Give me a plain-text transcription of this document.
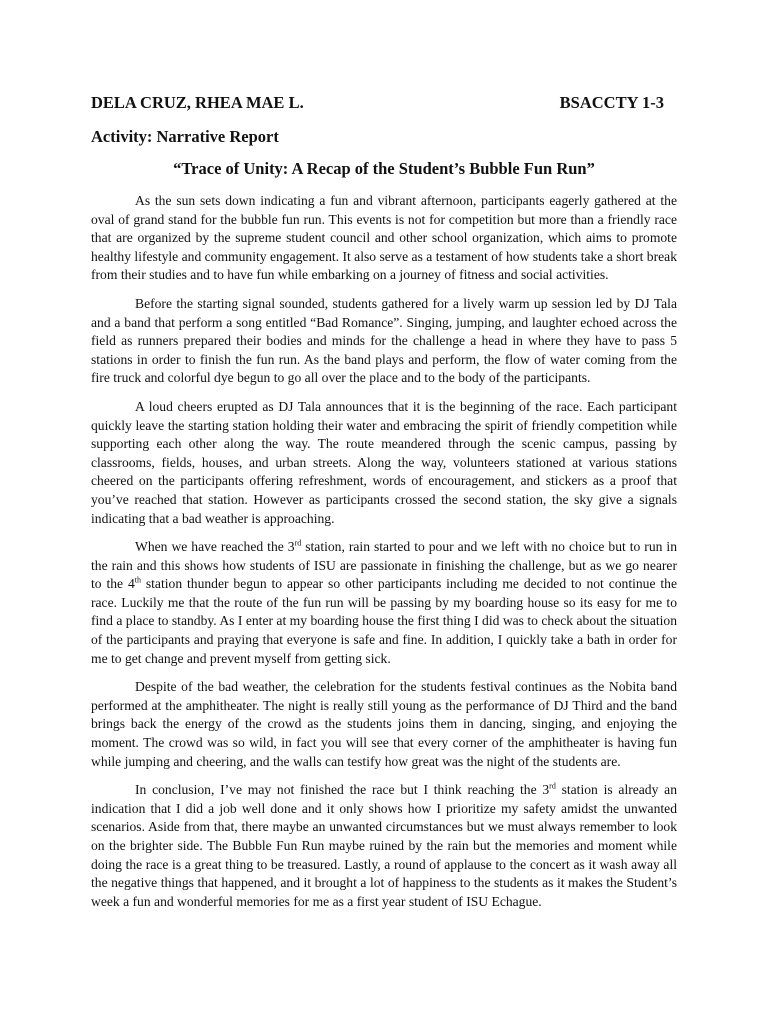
DELA CRUZ, RHEA MAE L.	BSACCTY 1-3
Activity: Narrative Report
“Trace of Unity: A Recap of the Student’s Bubble Fun Run”

As the sun sets down indicating a fun and vibrant afternoon, participants eagerly gathered at the oval of grand stand for the bubble fun run. This events is not for competition but more than a friendly race that are organized by the supreme student council and other school organization, which aims to promote healthy lifestyle and community engagement. It also serve as a testament of how students take a short break from their studies and to have fun while embarking on a journey of fitness and social activities.

Before the starting signal sounded, students gathered for a lively warm up session led by DJ Tala and a band that perform a song entitled “Bad Romance”. Singing, jumping, and laughter echoed across the field as runners prepared their bodies and minds for the challenge a head in where they have to pass 5 stations in order to finish the fun run. As the band plays and perform, the flow of water coming from the fire truck and colorful dye begun to go all over the place and to the body of the participants.

A loud cheers erupted as DJ Tala announces that it is the beginning of the race. Each participant quickly leave the starting station holding their water and embracing the spirit of friendly competition while supporting each other along the way. The route meandered through the scenic campus, passing by classrooms, fields, houses, and urban streets. Along the way, volunteers stationed at various stations cheered on the participants offering refreshment, words of encouragement, and stickers as a proof that you’ve reached that station. However as participants crossed the second station, the sky give a signals indicating that a bad weather is approaching.

When we have reached the 3rd station, rain started to pour and we left with no choice but to run in the rain and this shows how students of ISU are passionate in finishing the challenge, but as we go nearer to the 4th station thunder begun to appear so other participants including me decided to not continue the race. Luckily me that the route of the fun run will be passing by my boarding house so its easy for me to find a place to standby. As I enter at my boarding house the first thing I did was to check about the situation of the participants and praying that everyone is safe and fine. In addition, I quickly take a bath in order for me to get change and prevent myself from getting sick.

Despite of the bad weather, the celebration for the students festival continues as the Nobita band performed at the amphitheater. The night is really still young as the performance of DJ Third and the band brings back the energy of the crowd as the students joins them in dancing, singing, and enjoying the moment. The crowd was so wild, in fact you will see that every corner of the amphitheater is having fun while jumping and cheering, and the walls can testify how great was the night of the students are.

In conclusion, I’ve may not finished the race but I think reaching the 3rd station is already an indication that I did a job well done and it only shows how I prioritize my safety amidst the unwanted scenarios. Aside from that, there maybe an unwanted circumstances but we must always remember to look on the brighter side. The Bubble Fun Run maybe ruined by the rain but the memories and moment while doing the race is a great thing to be treasured. Lastly, a round of applause to the concert as it wash away all the negative things that happened, and it brought a lot of happiness to the students as it makes the Student’s week a fun and wonderful memories for me as a first year student of ISU Echague.
